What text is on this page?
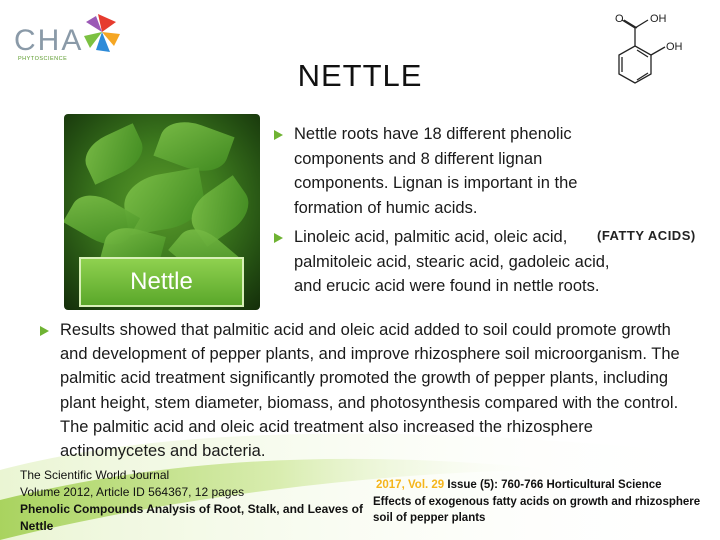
CHA
PHYTOSCIENCE	NETTLE
O OH
OH
Nettle
Nettle roots have 18 different phenolic components and 8 different lignan components. Lignan is important in the formation of humic acids.
Linoleic acid, palmitic acid, oleic acid, palmitoleic acid, stearic acid, gadoleic acid, and erucic acid were found in nettle roots.
(FATTY ACIDS)
Results showed that palmitic acid and oleic acid added to soil could promote growth and development of pepper plants, and improve rhizosphere soil microorganism. The palmitic acid treatment significantly promoted the growth of pepper plants, including plant height, stem diameter, biomass, and photosynthesis compared with the control. The palmitic acid and oleic acid treatment also increased the rhizosphere actinomycetes and bacteria.
The Scientific World Journal
Volume 2012, Article ID 564367, 12 pages
Phenolic Compounds Analysis of Root, Stalk, and Leaves of Nettle
2017, Vol. 29 Issue (5): 760-766 Horticultural Science
Effects of exogenous fatty acids on growth and rhizosphere soil of pepper plants
